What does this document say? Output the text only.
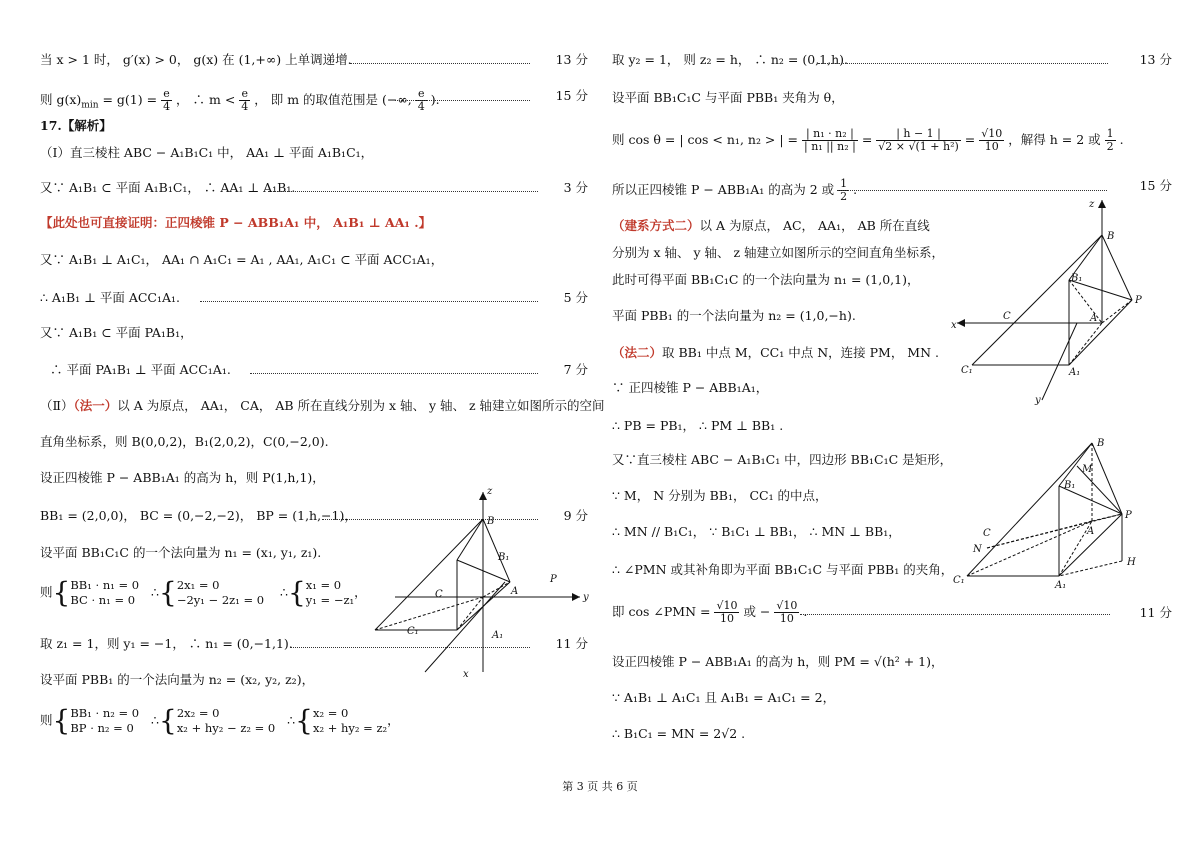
当 x > 1 时， g′(x) > 0， g(x) 在 (1,+∞) 上单调递增.	13 分
则 $g(x)_{min} = g(1) = \frac{e}{4}$ ， ∴ $m < \frac{e}{4}$ ， 即 m 的取值范围是 (−∞, $\frac{e}{4}$ ).	15 分
17.【解析】
（Ⅰ）直三棱柱 ABC − A₁B₁C₁ 中， AA₁ ⊥ 平面 A₁B₁C₁，
又∵ A₁B₁ ⊂ 平面 A₁B₁C₁， ∴ AA₁ ⊥ A₁B₁.	3 分
【此处也可直接证明：正四棱锥 P − ABB₁A₁ 中， A₁B₁ ⊥ AA₁ .】
又∵ A₁B₁ ⊥ A₁C₁， AA₁ ∩ A₁C₁ = A₁ , AA₁, A₁C₁ ⊂ 平面 ACC₁A₁，
∴ A₁B₁ ⊥ 平面 ACC₁A₁.	5 分
又∵ A₁B₁ ⊂ 平面 PA₁B₁，
∴ 平面 PA₁B₁ ⊥ 平面 ACC₁A₁.	7 分
（Ⅱ）（法一）以 A 为原点， AA₁， CA， AB 所在直线分别为 x 轴、 y 轴、 z 轴建立如图所示的空间
直角坐标系，则 B(0,0,2)，B₁(2,0,2)，C(0,−2,0).
设正四棱锥 P − ABB₁A₁ 的高为 h，则 P(1,h,1)，
BB₁ = (2,0,0)， BC = (0,−2,−2)， BP = (1,h,−1)，	9 分
设平面 BB₁C₁C 的一个法向量为 n₁ = (x₁, y₁, z₁).
则{BB₁ · n₁ = 0
BC · n₁ = 0   ∴{2x₁ = 0
−2y₁ − 2z₁ = 0    ∴{x₁ = 0
y₁ = −z₁，
取 z₁ = 1，则 y₁ = −1， ∴ n₁ = (0,−1,1).	11 分
设平面 PBB₁ 的一个法向量为 n₂ = (x₂, y₂, z₂)，
则{BB₁ · n₂ = 0
BP · n₂ = 0   ∴{2x₂ = 0
x₂ + hy₂ − z₂ = 0   ∴{x₂ = 0
x₂ + hy₂ = z₂，
z
y
x
B
B₁
C	A
P
C₁	A₁
取 y₂ = 1， 则 z₂ = h， ∴ n₂ = (0,1,h).	13 分
设平面 BB₁C₁C 与平面 PBB₁ 夹角为 θ，
则 cos θ = | cos < n₁, n₂ > | = $\frac{\text{| n₁ · n₂ |}}{\text{| n₁ || n₂ |}} = \frac{| h - 1 |}{\text{√2 × √(1 + h²)}} = \frac{√10}{10}$ ，解得 h = 2 或 $\frac{1}{2}$ .
所以正四棱锥 P − ABB₁A₁ 的高为 2 或 $\frac{1}{2}$ .	15 分
（建系方式二）以 A 为原点， AC， AA₁， AB 所在直线
分别为 x 轴、 y 轴、 z 轴建立如图所示的空间直角坐标系，
此时可得平面 BB₁C₁C 的一个法向量为 n₁ = (1,0,1)，
平面 PBB₁ 的一个法向量为 n₂ = (1,0,−h).
（法二）取 BB₁ 中点 M，CC₁ 中点 N，连接 PM， MN .
∵ 正四棱锥 P − ABB₁A₁，
∴ PB = PB₁， ∴ PM ⊥ BB₁ .
又∵直三棱柱 ABC − A₁B₁C₁ 中，四边形 BB₁C₁C 是矩形，
∵ M， N 分别为 BB₁， CC₁ 的中点，
∴ MN // B₁C₁， ∵ B₁C₁ ⊥ BB₁， ∴ MN ⊥ BB₁，
∴ ∠PMN 或其补角即为平面 BB₁C₁C 与平面 PBB₁ 的夹角，
即 cos ∠PMN = $\frac{√10}{10}$ 或 − $\frac{√10}{10}$ .	11 分
设正四棱锥 P − ABB₁A₁ 的高为 h，则 PM = √(h² + 1)，
∵ A₁B₁ ⊥ A₁C₁ 且 A₁B₁ = A₁C₁ = 2，
∴ B₁C₁ = MN = 2√2 .
z
x
y
B
B₁
C	A
P
C₁	A₁
B
M
B₁
C
N
A
P
C₁	A₁
H
第 3 页 共 6 页
